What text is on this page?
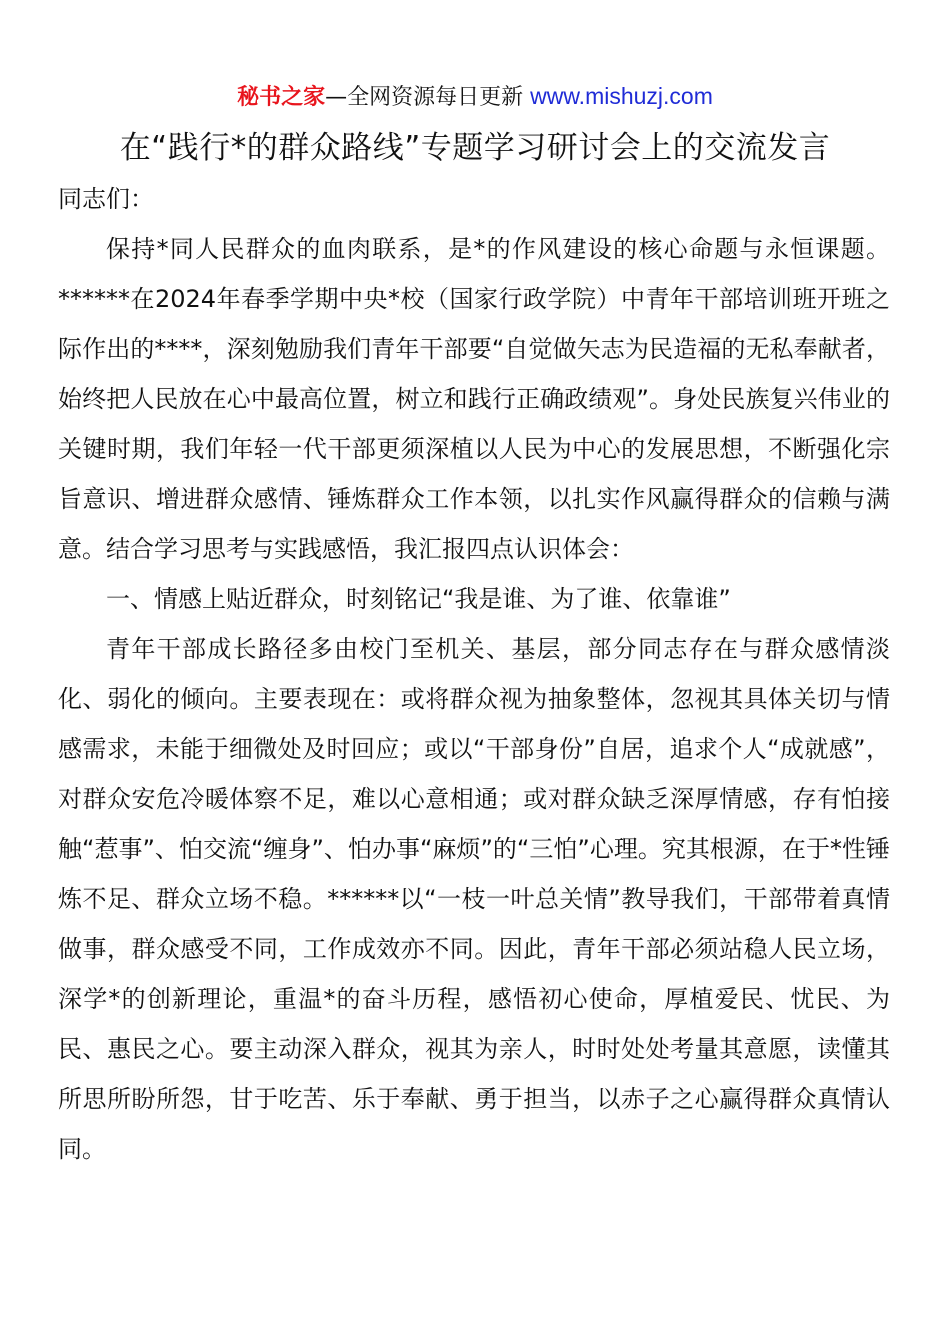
秘书之家—全网资源每日更新 www.mishuzj.com
在“践行*的群众路线”专题学习研讨会上的交流发言

同志们：

保持*同人民群众的血肉联系，是*的作风建设的核心命题与永恒课题。******在2024年春季学期中央*校（国家行政学院）中青年干部培训班开班之际作出的****，深刻勉励我们青年干部要“自觉做矢志为民造福的无私奉献者，始终把人民放在心中最高位置，树立和践行正确政绩观”。身处民族复兴伟业的关键时期，我们年轻一代干部更须深植以人民为中心的发展思想，不断强化宗旨意识、增进群众感情、锤炼群众工作本领，以扎实作风赢得群众的信赖与满意。结合学习思考与实践感悟，我汇报四点认识体会：

一、情感上贴近群众，时刻铭记“我是谁、为了谁、依靠谁”

青年干部成长路径多由校门至机关、基层，部分同志存在与群众感情淡化、弱化的倾向。主要表现在：或将群众视为抽象整体，忽视其具体关切与情感需求，未能于细微处及时回应；或以“干部身份”自居，追求个人“成就感”，对群众安危冷暖体察不足，难以心意相通；或对群众缺乏深厚情感，存有怕接触“惹事”、怕交流“缠身”、怕办事“麻烦”的“三怕”心理。究其根源，在于*性锤炼不足、群众立场不稳。******以“一枝一叶总关情”教导我们，干部带着真情做事，群众感受不同，工作成效亦不同。因此，青年干部必须站稳人民立场，深学*的创新理论，重温*的奋斗历程，感悟初心使命，厚植爱民、忧民、为民、惠民之心。要主动深入群众，视其为亲人，时时处处考量其意愿，读懂其所思所盼所怨，甘于吃苦、乐于奉献、勇于担当，以赤子之心赢得群众真情认同。
